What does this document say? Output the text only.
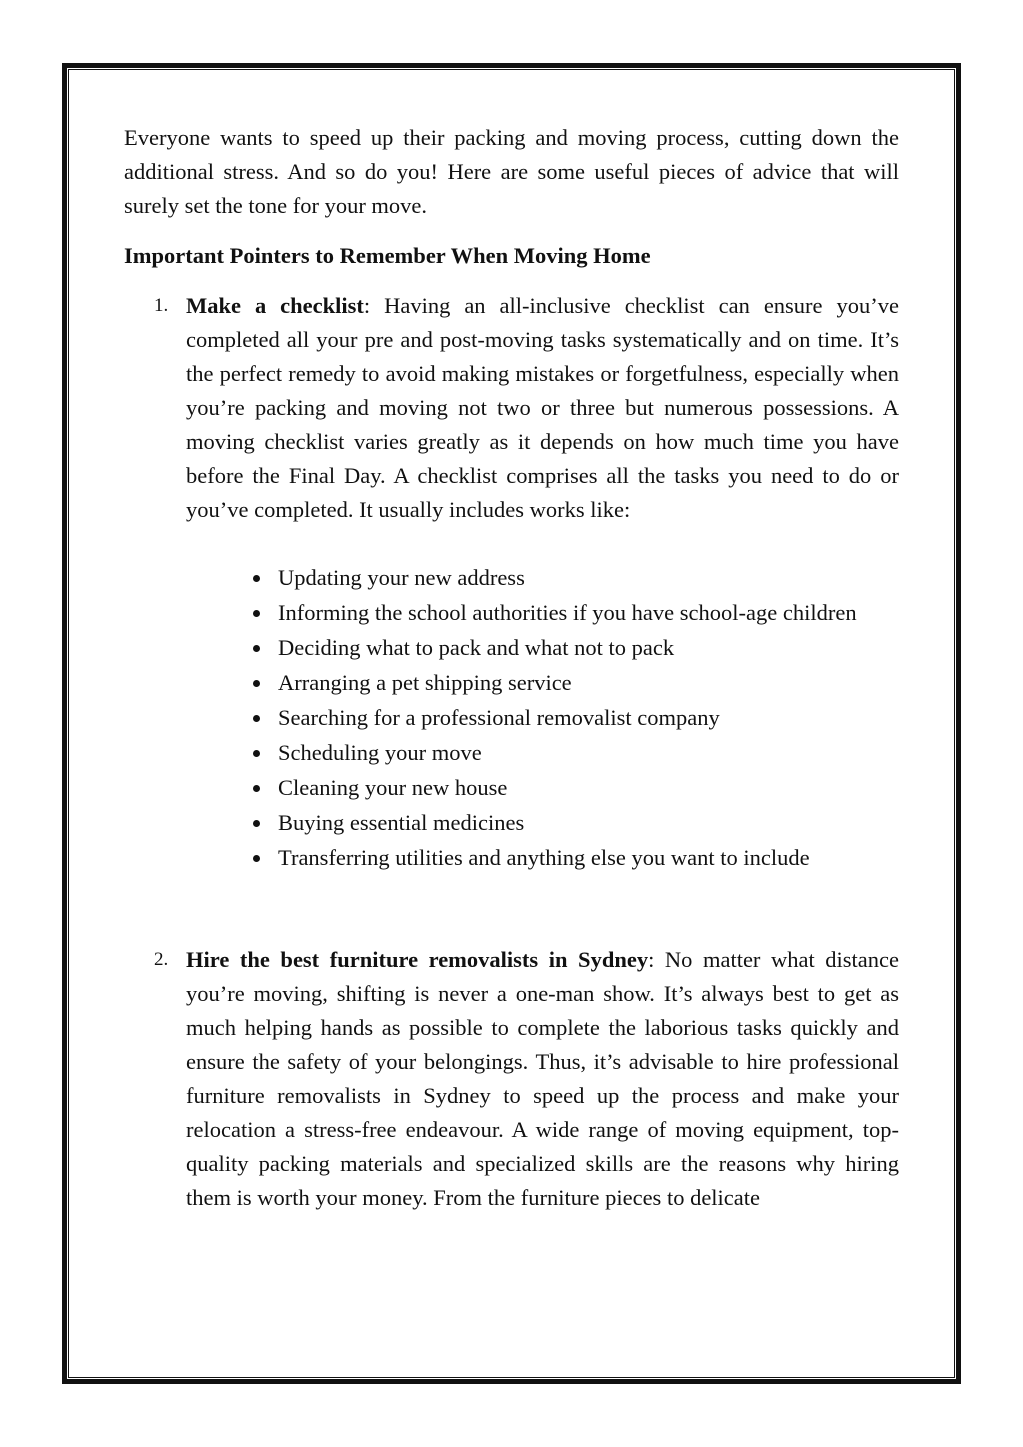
Everyone wants to speed up their packing and moving process, cutting down the additional stress. And so do you! Here are some useful pieces of advice that will surely set the tone for your move.

Important Pointers to Remember When Moving Home

1. Make a checklist: Having an all-inclusive checklist can ensure you’ve completed all your pre and post-moving tasks systematically and on time. It’s the perfect remedy to avoid making mistakes or forgetfulness, especially when you’re packing and moving not two or three but numerous possessions. A moving checklist varies greatly as it depends on how much time you have before the Final Day. A checklist comprises all the tasks you need to do or you’ve completed. It usually includes works like:
Updating your new address
Informing the school authorities if you have school-age children
Deciding what to pack and what not to pack
Arranging a pet shipping service
Searching for a professional removalist company
Scheduling your move
Cleaning your new house
Buying essential medicines
Transferring utilities and anything else you want to include
2. Hire the best furniture removalists in Sydney: No matter what distance you’re moving, shifting is never a one-man show. It’s always best to get as much helping hands as possible to complete the laborious tasks quickly and ensure the safety of your belongings. Thus, it’s advisable to hire professional furniture removalists in Sydney to speed up the process and make your relocation a stress-free endeavour. A wide range of moving equipment, top-quality packing materials and specialized skills are the reasons why hiring them is worth your money. From the furniture pieces to delicate
